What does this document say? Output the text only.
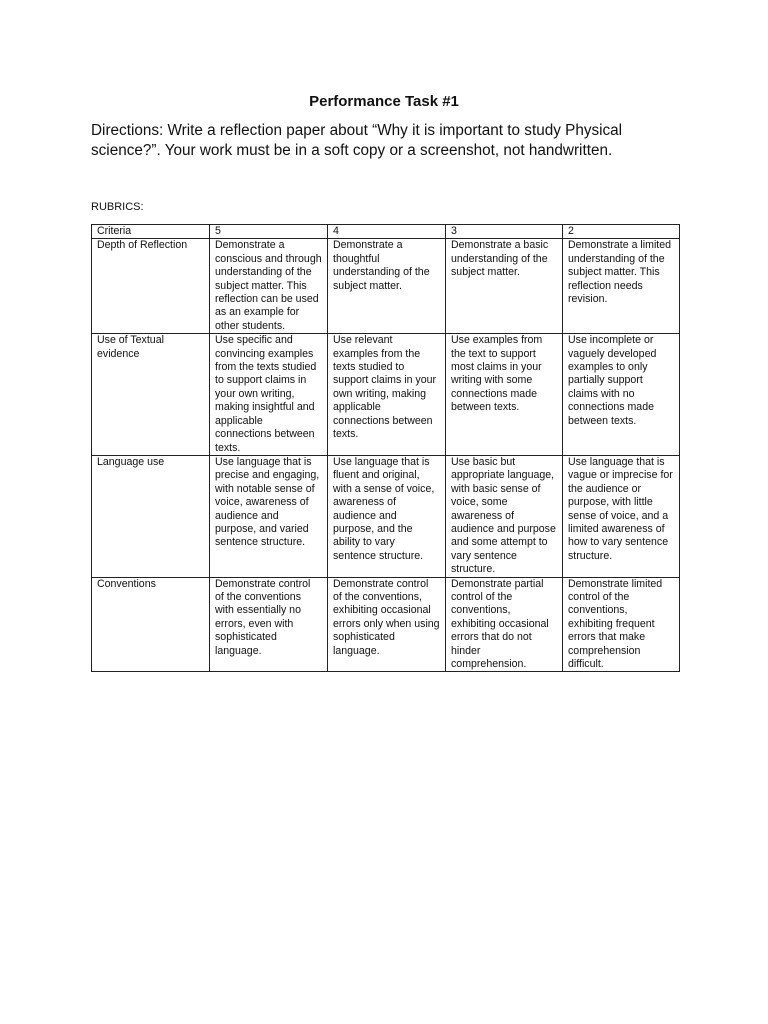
Performance Task #1
Directions: Write a reflection paper about “Why it is important to study Physical science?”. Your work must be in a soft copy or a screenshot, not handwritten.
RUBRICS:
Criteria	5	4	3	2
Depth of Reflection	Demonstrate a conscious and through understanding of the subject matter. This reflection can be used as an example for other students.	Demonstrate a thoughtful understanding of the subject matter.	Demonstrate a basic understanding of the subject matter.	Demonstrate a limited understanding of the subject matter. This reflection needs revision.
Use of Textual evidence	Use specific and convincing examples from the texts studied to support claims in your own writing, making insightful and applicable connections between texts.	Use relevant examples from the texts studied to support claims in your own writing, making applicable connections between texts.	Use examples from the text to support most claims in your writing with some connections made between texts.	Use incomplete or vaguely developed examples to only partially support claims with no connections made between texts.
Language use	Use language that is precise and engaging, with notable sense of voice, awareness of audience and purpose, and varied sentence structure.	Use language that is fluent and original, with a sense of voice, awareness of audience and purpose, and the ability to vary sentence structure.	Use basic but appropriate language, with basic sense of voice, some awareness of audience and purpose and some attempt to vary sentence structure.	Use language that is vague or imprecise for the audience or purpose, with little sense of voice, and a limited awareness of how to vary sentence structure.
Conventions	Demonstrate control of the conventions with essentially no errors, even with sophisticated language.	Demonstrate control of the conventions, exhibiting occasional errors only when using sophisticated language.	Demonstrate partial control of the conventions, exhibiting occasional errors that do not hinder comprehension.	Demonstrate limited control of the conventions, exhibiting frequent errors that make comprehension difficult.
